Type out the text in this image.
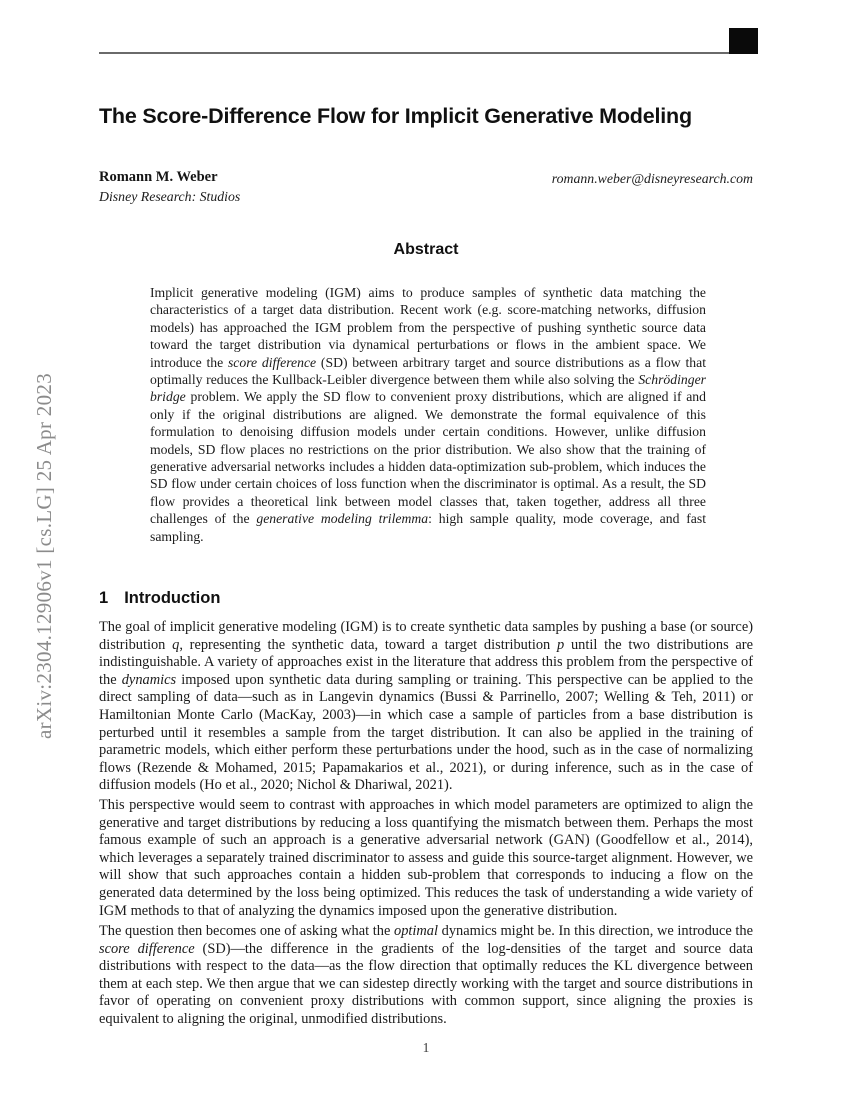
arXiv:2304.12906v1 [cs.LG] 25 Apr 2023
The Score-Difference Flow for Implicit Generative Modeling
Romann M. Weber
Disney Research: Studios
romann.weber@disneyresearch.com
Abstract
Implicit generative modeling (IGM) aims to produce samples of synthetic data matching the characteristics of a target data distribution. Recent work (e.g. score-matching networks, diffusion models) has approached the IGM problem from the perspective of pushing synthetic source data toward the target distribution via dynamical perturbations or flows in the ambient space. We introduce the score difference (SD) between arbitrary target and source distributions as a flow that optimally reduces the Kullback-Leibler divergence between them while also solving the Schrödinger bridge problem. We apply the SD flow to convenient proxy distributions, which are aligned if and only if the original distributions are aligned. We demonstrate the formal equivalence of this formulation to denoising diffusion models under certain conditions. However, unlike diffusion models, SD flow places no restrictions on the prior distribution. We also show that the training of generative adversarial networks includes a hidden data-optimization sub-problem, which induces the SD flow under certain choices of loss function when the discriminator is optimal. As a result, the SD flow provides a theoretical link between model classes that, taken together, address all three challenges of the generative modeling trilemma: high sample quality, mode coverage, and fast sampling.
1 Introduction
The goal of implicit generative modeling (IGM) is to create synthetic data samples by pushing a base (or source) distribution q, representing the synthetic data, toward a target distribution p until the two distributions are indistinguishable. A variety of approaches exist in the literature that address this problem from the perspective of the dynamics imposed upon synthetic data during sampling or training. This perspective can be applied to the direct sampling of data—such as in Langevin dynamics (Bussi & Parrinello, 2007; Welling & Teh, 2011) or Hamiltonian Monte Carlo (MacKay, 2003)—in which case a sample of particles from a base distribution is perturbed until it resembles a sample from the target distribution. It can also be applied in the training of parametric models, which either perform these perturbations under the hood, such as in the case of normalizing flows (Rezende & Mohamed, 2015; Papamakarios et al., 2021), or during inference, such as in the case of diffusion models (Ho et al., 2020; Nichol & Dhariwal, 2021).
This perspective would seem to contrast with approaches in which model parameters are optimized to align the generative and target distributions by reducing a loss quantifying the mismatch between them. Perhaps the most famous example of such an approach is a generative adversarial network (GAN) (Goodfellow et al., 2014), which leverages a separately trained discriminator to assess and guide this source-target alignment. However, we will show that such approaches contain a hidden sub-problem that corresponds to inducing a flow on the generated data determined by the loss being optimized. This reduces the task of understanding a wide variety of IGM methods to that of analyzing the dynamics imposed upon the generative distribution.
The question then becomes one of asking what the optimal dynamics might be. In this direction, we introduce the score difference (SD)—the difference in the gradients of the log-densities of the target and source data distributions with respect to the data—as the flow direction that optimally reduces the KL divergence between them at each step. We then argue that we can sidestep directly working with the target and source distributions in favor of operating on convenient proxy distributions with common support, since aligning the proxies is equivalent to aligning the original, unmodified distributions.
1
